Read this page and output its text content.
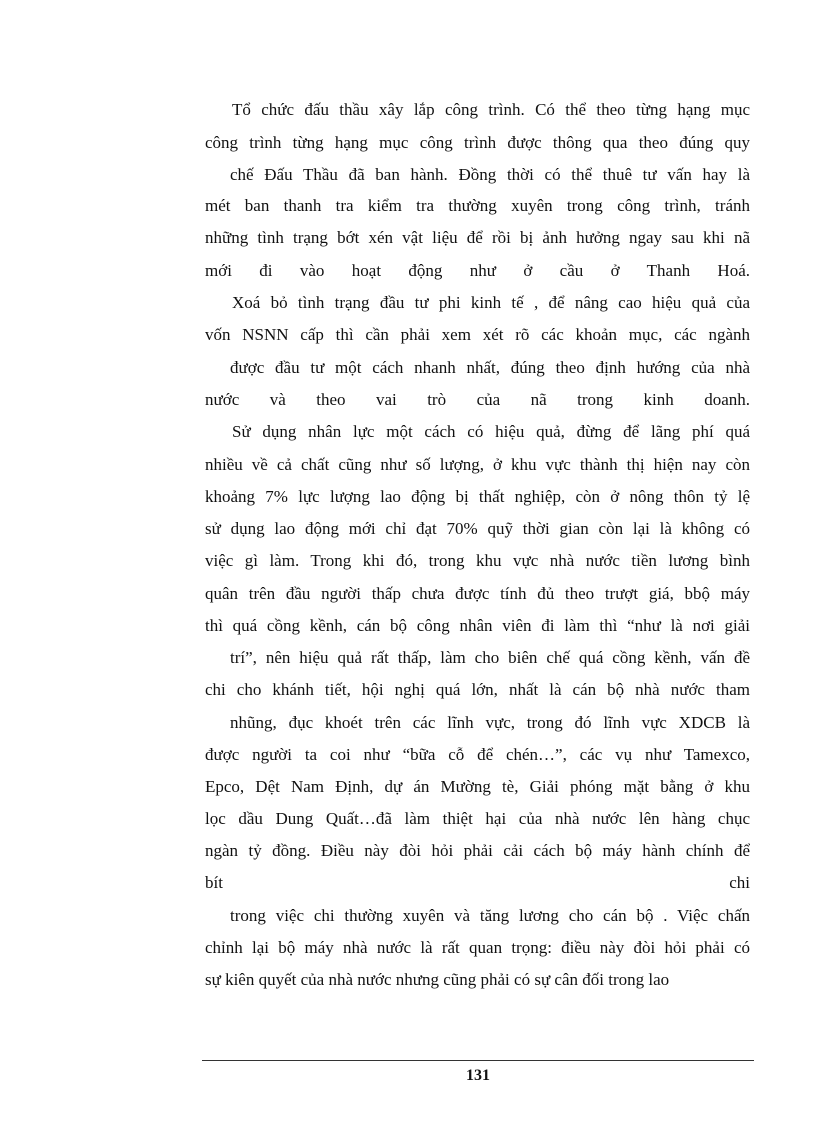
Tổ chức đấu thầu xây lắp công trình. Có thể theo từng hạng mục
công trình từng hạng mục công trình được thông qua theo đúng quy
chế Đấu Thầu đã ban hành. Đồng thời có thể thuê tư vấn hay là
mét ban thanh tra kiểm tra thường xuyên trong công trình, tránh
những tình trạng bớt xén vật liệu để rồi bị ảnh hưởng ngay sau khi nã
mới đi vào hoạt động như ở cầu ở Thanh Hoá.
Xoá bỏ tình trạng đầu tư phi kinh tế , để nâng cao hiệu quả của
vốn NSNN cấp thì cần phải xem xét rõ các khoản mục, các ngành
được đầu tư một cách nhanh nhất, đúng theo định hướng của nhà
nước và theo vai trò của nã trong kinh doanh.
Sử dụng nhân lực một cách có hiệu quả, đừng để lãng phí quá
nhiều về cả chất cũng như số lượng, ở khu vực thành thị hiện nay còn
khoảng 7% lực lượng lao động bị thất nghiệp, còn ở nông thôn tỷ lệ
sử dụng lao động mới chỉ đạt 70% quỹ thời gian còn lại là không có
việc gì làm. Trong khi đó, trong khu vực nhà nước tiền lương bình
quân trên đầu người thấp chưa được tính đủ theo trượt giá, bbộ máy
thì quá cồng kềnh, cán bộ công nhân viên đi làm thì “như là nơi giải
trí”, nên hiệu quả rất thấp, làm cho biên chế quá cồng kềnh, vấn đề
chi cho khánh tiết, hội nghị quá lớn, nhất là cán bộ nhà nước tham
nhũng, đục khoét trên các lĩnh vực, trong đó lĩnh vực XDCB là
được người ta coi như “bữa cỗ để chén…”, các vụ như Tamexco,
Epco, Dệt Nam Định, dự án Mường tè, Giải phóng mặt bằng ở khu
lọc dầu Dung Quất…đã làm thiệt hại của nhà nước lên hàng chục
ngàn tỷ đồng. Điều này đòi hỏi phải cải cách bộ máy hành chính để
bít chi
trong việc chi thường xuyên và tăng lương cho cán bộ . Việc chấn
chỉnh lại bộ máy nhà nước là rất quan trọng: điều này đòi hỏi phải có
sự kiên quyết của nhà nước nhưng cũng phải có sự cân đối trong lao
131
